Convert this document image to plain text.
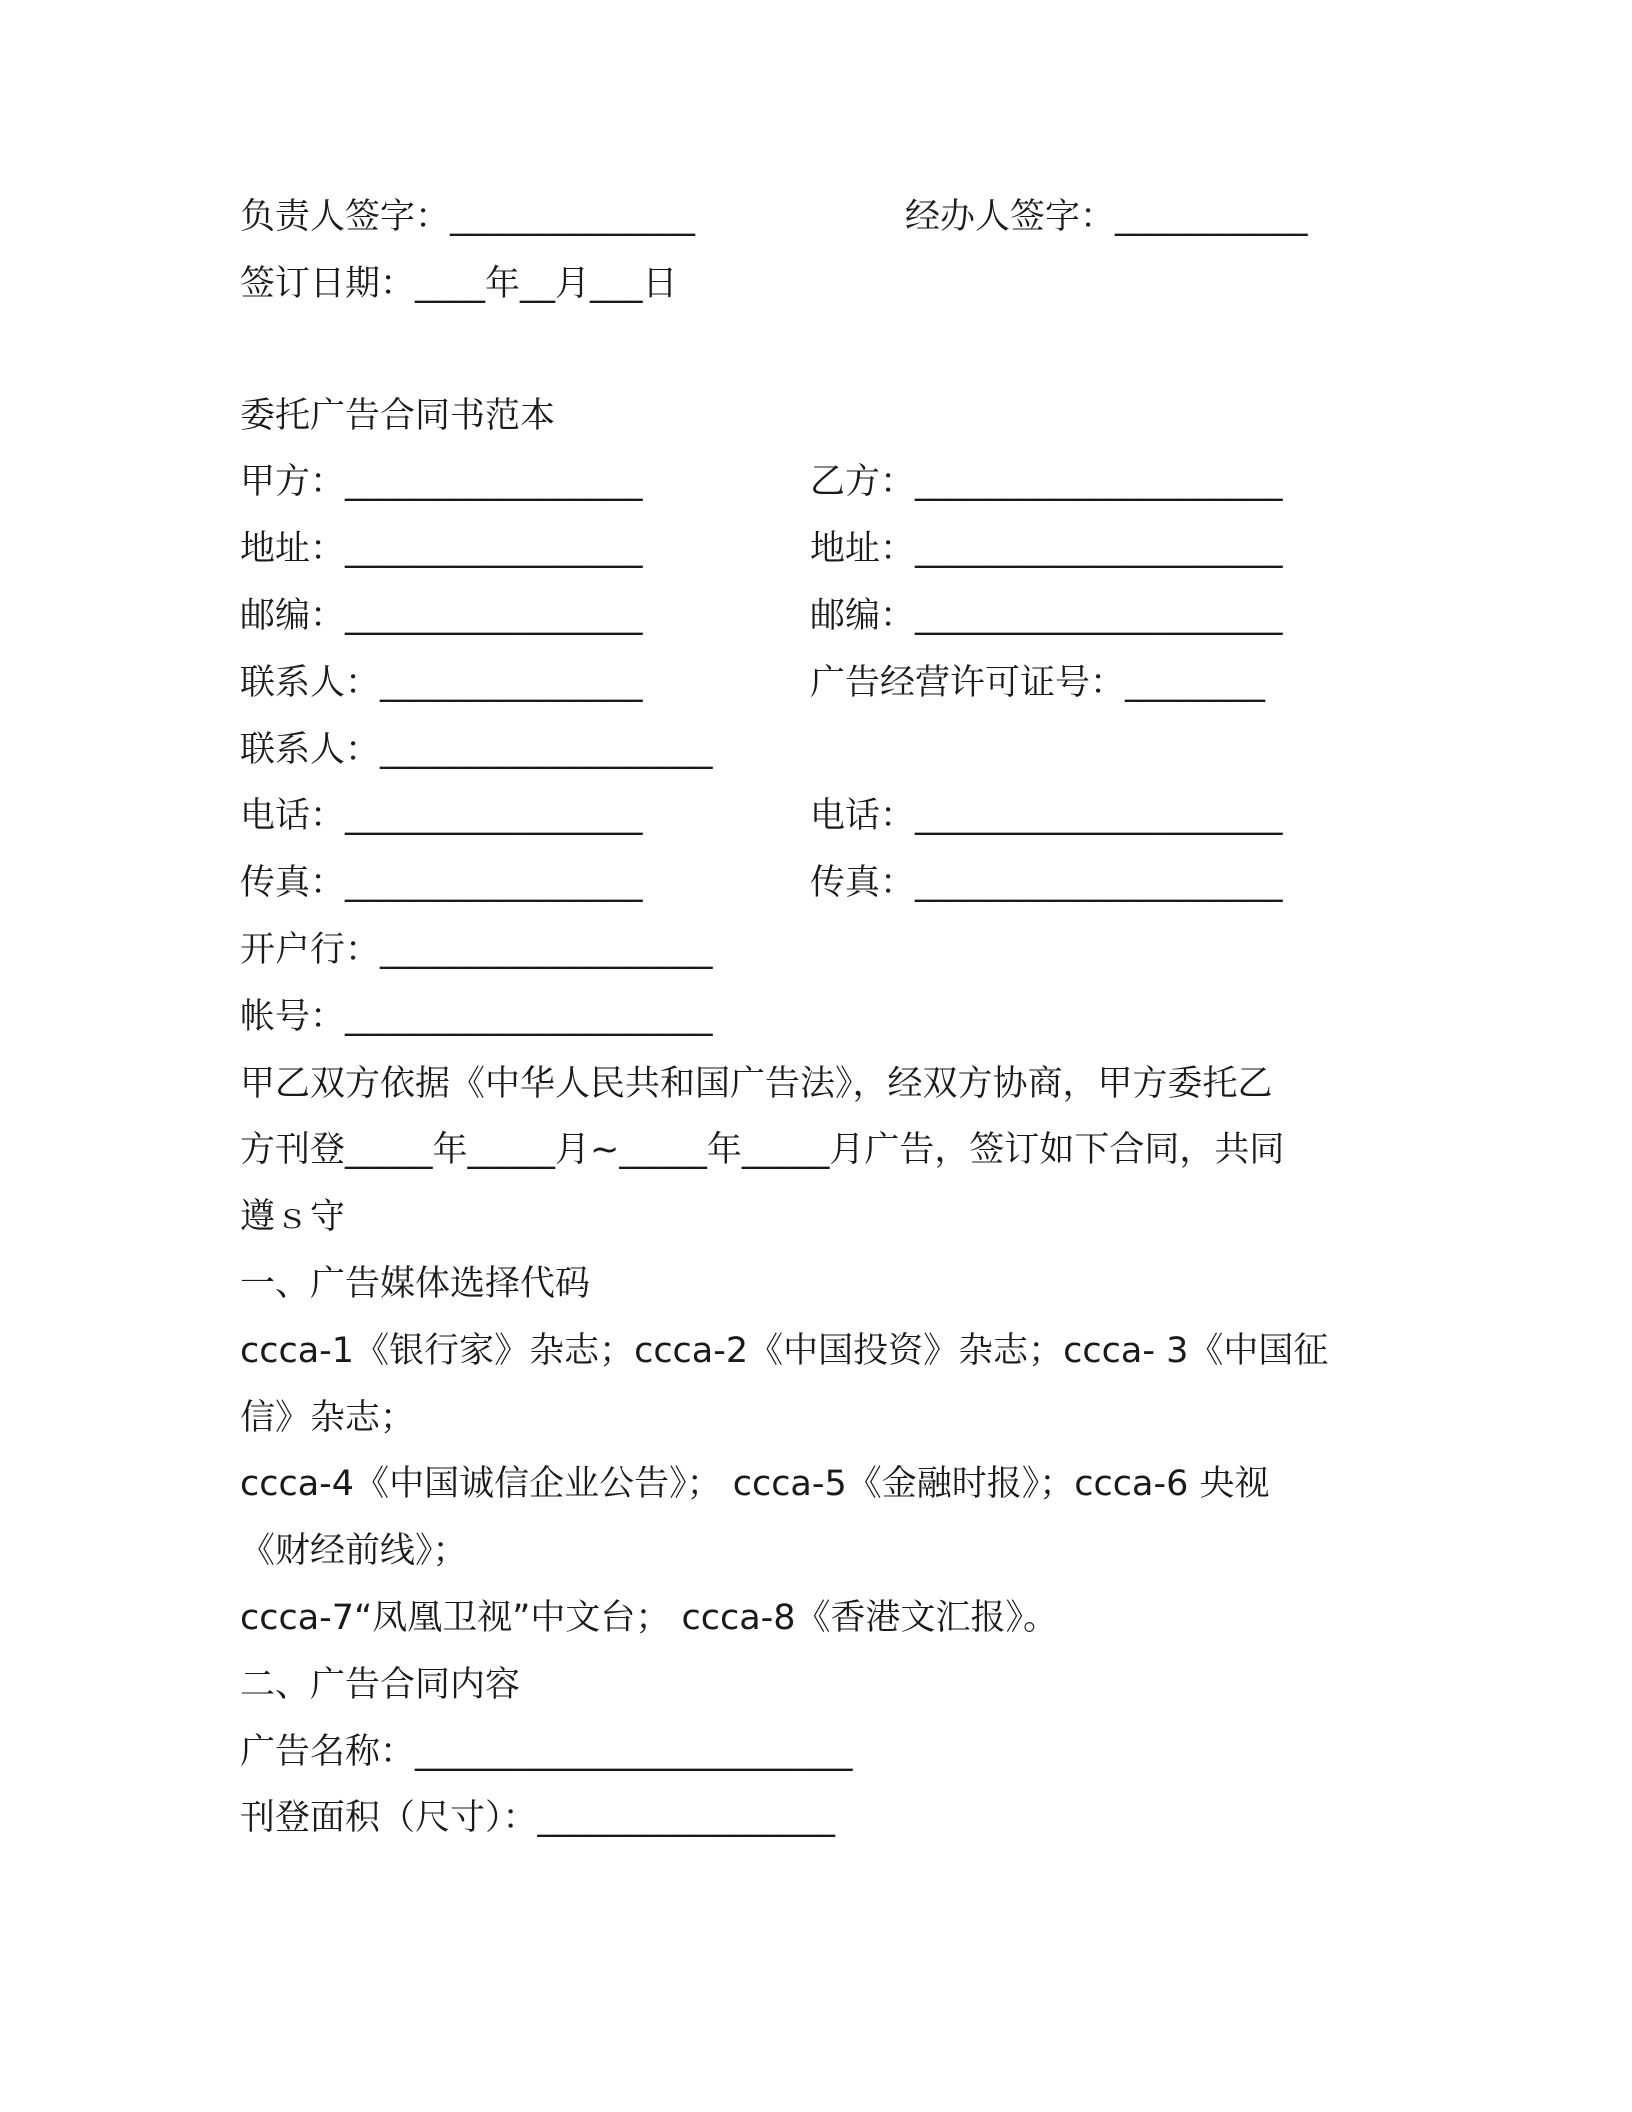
负责人签字：______________	经办人签字：___________
签订日期：____年__月___日
委托广告合同书范本
甲方：_________________	乙方：_____________________
地址：_________________	地址：_____________________
邮编：_________________	邮编：_____________________
联系人：_______________	广告经营许可证号：________
联系人：___________________
电话：_________________	电话：_____________________
传真：_________________	传真：_____________________
开户行：___________________
帐号：_____________________
甲乙双方依据《中华人民共和国广告法》，经双方协商，甲方委托乙
方刊登_____年_____月~_____年_____月广告，签订如下合同，共同
遵ｓ守
一、广告媒体选择代码
ccca-1《银行家》杂志；ccca-2《中国投资》杂志；ccca- 3《中国征
信》杂志；
ccca-4《中国诚信企业公告》； ccca-5《金融时报》；ccca-6 央视
《财经前线》；
ccca-7“凤凰卫视”中文台； ccca-8《香港文汇报》。
二、广告合同内容
广告名称：_________________________
刊登面积（尺寸）：_________________
